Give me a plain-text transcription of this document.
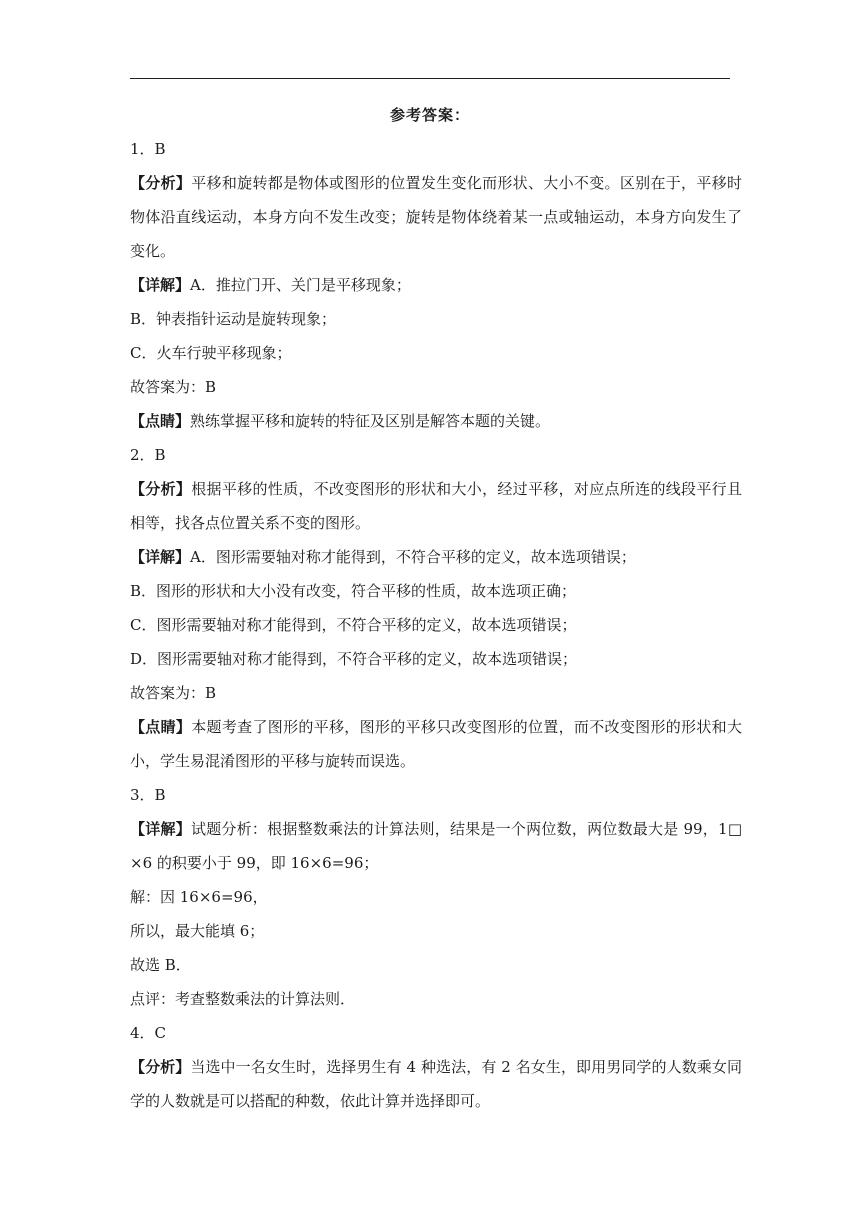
参考答案：
1．B
【分析】平移和旋转都是物体或图形的位置发生变化而形状、大小不变。区别在于，平移时物体沿直线运动，本身方向不发生改变；旋转是物体绕着某一点或轴运动，本身方向发生了变化。
【详解】A．推拉门开、关门是平移现象；
B．钟表指针运动是旋转现象；
C．火车行驶平移现象；
故答案为：B
【点睛】熟练掌握平移和旋转的特征及区别是解答本题的关键。
2．B
【分析】根据平移的性质，不改变图形的形状和大小，经过平移，对应点所连的线段平行且相等，找各点位置关系不变的图形。
【详解】A．图形需要轴对称才能得到，不符合平移的定义，故本选项错误；
B．图形的形状和大小没有改变，符合平移的性质，故本选项正确；
C．图形需要轴对称才能得到，不符合平移的定义，故本选项错误；
D．图形需要轴对称才能得到，不符合平移的定义，故本选项错误；
故答案为：B
【点睛】本题考查了图形的平移，图形的平移只改变图形的位置，而不改变图形的形状和大小，学生易混淆图形的平移与旋转而误选。
3．B
【详解】试题分析：根据整数乘法的计算法则，结果是一个两位数，两位数最大是 99，1□×6 的积要小于 99，即 16×6=96；
解：因 16×6=96，
所以，最大能填 6；
故选 B．
点评：考查整数乘法的计算法则．
4．C
【分析】当选中一名女生时，选择男生有 4 种选法，有 2 名女生，即用男同学的人数乘女同学的人数就是可以搭配的种数，依此计算并选择即可。
